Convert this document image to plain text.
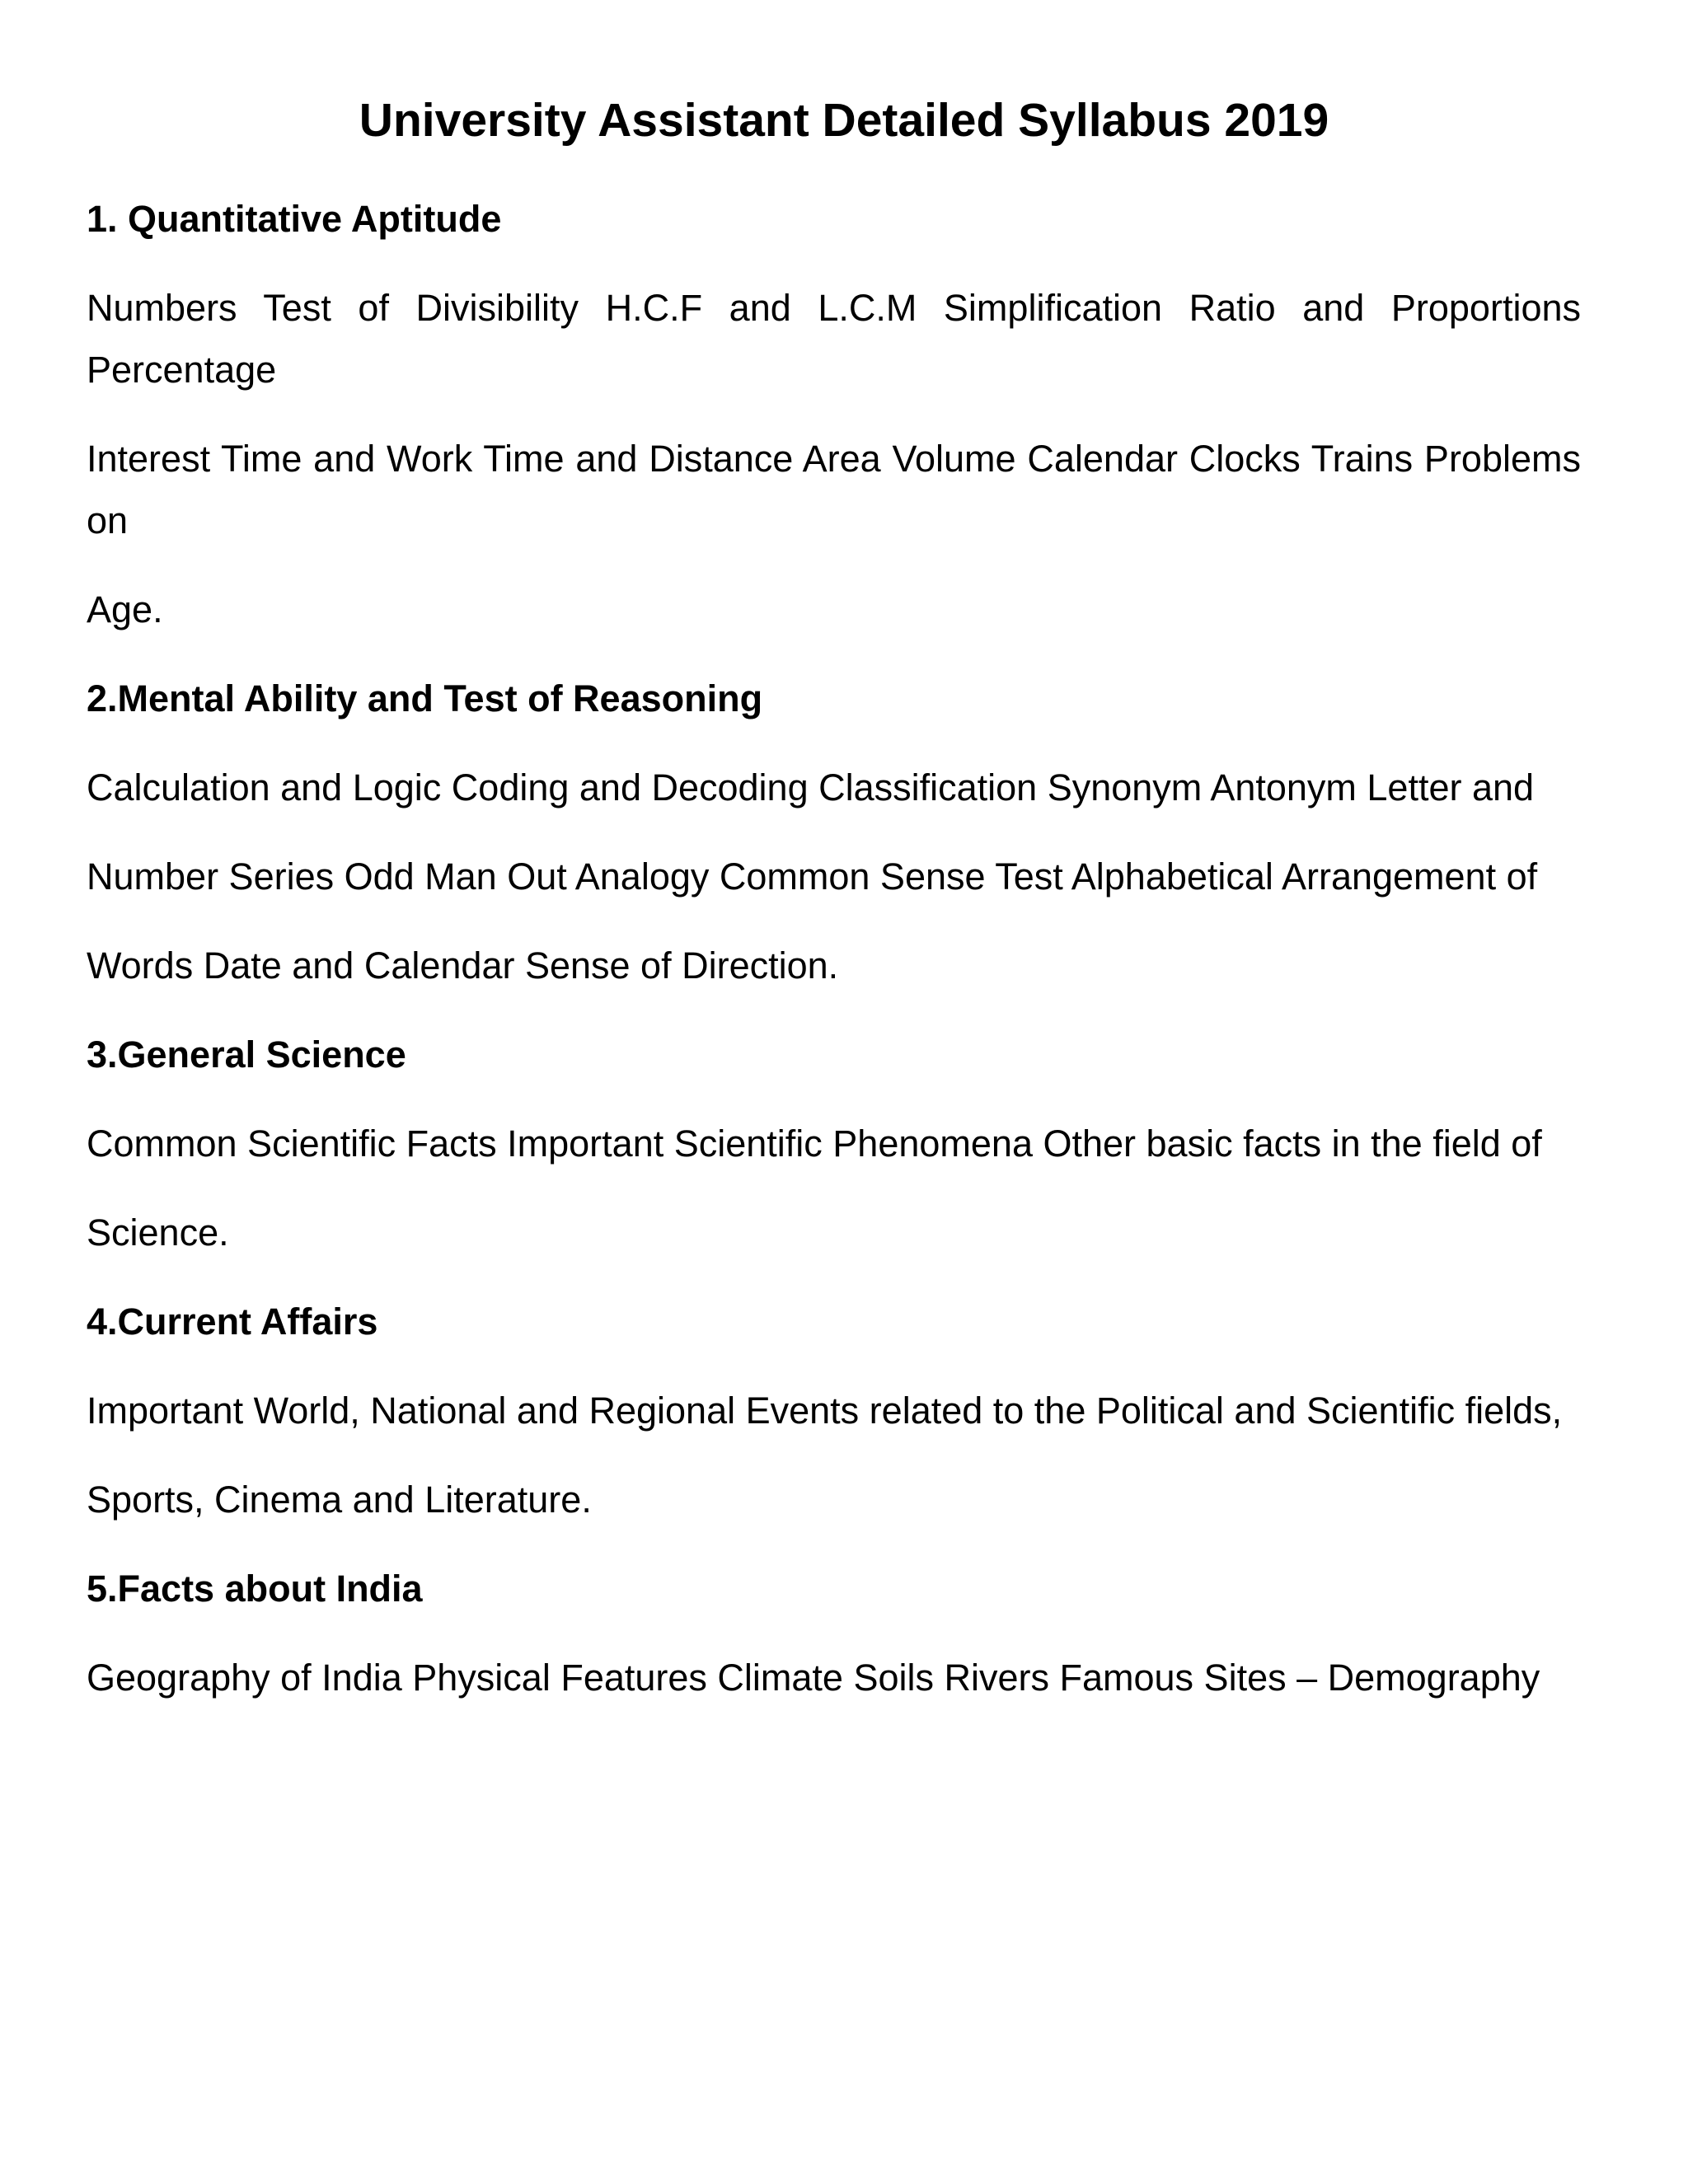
University Assistant Detailed Syllabus 2019

1. Quantitative Aptitude

Numbers Test of Divisibility H.C.F and L.C.M Simplification Ratio and Proportions Percentage

Interest Time and Work Time and Distance Area Volume Calendar Clocks Trains Problems on

Age.

2.Mental Ability and Test of Reasoning

Calculation and Logic Coding and Decoding Classification Synonym Antonym Letter and

Number Series Odd Man Out Analogy Common Sense Test Alphabetical Arrangement of

Words Date and Calendar Sense of Direction.

3.General Science

Common Scientific Facts Important Scientific Phenomena Other basic facts in the field of

Science.

4.Current Affairs

Important World, National and Regional Events related to the Political and Scientific fields,

Sports, Cinema and Literature.

5.Facts about India

Geography of India Physical Features Climate Soils Rivers Famous Sites – Demography
